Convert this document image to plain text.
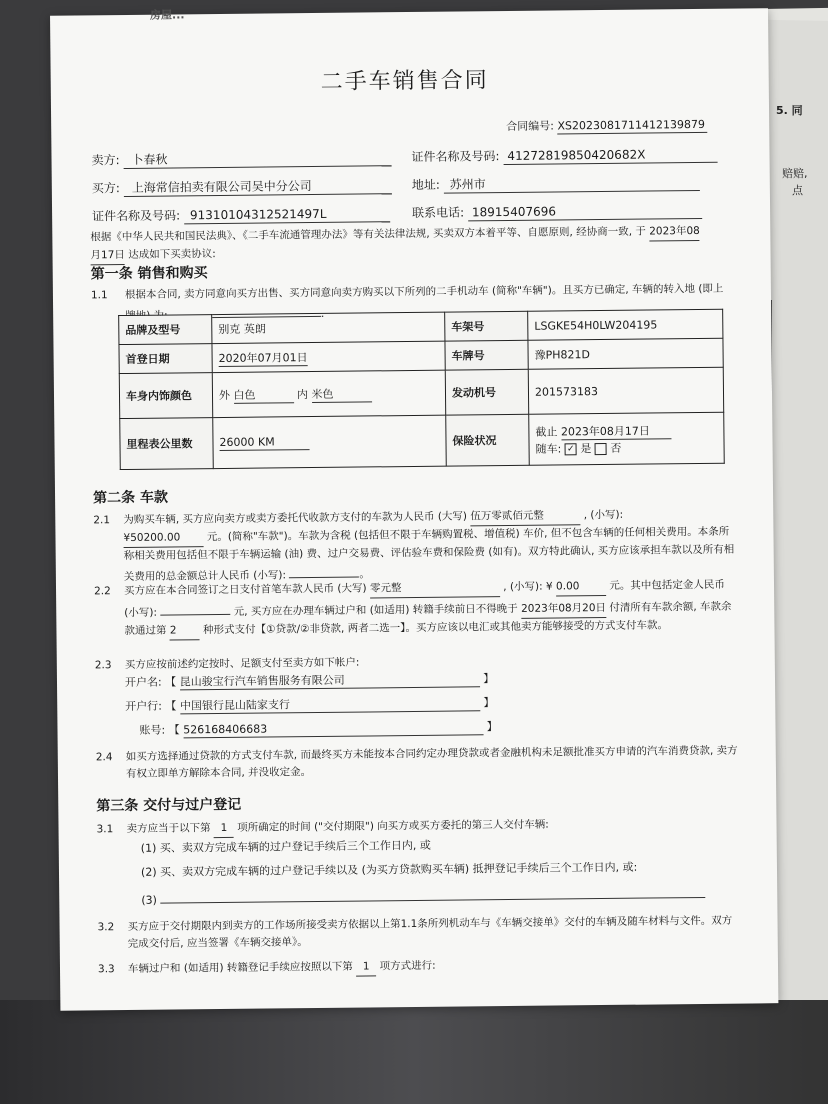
5. 同
赔赔,
点
房屋...
二手车销售合同
合同编号: XS2023081711412139879
卖方: 卜春秋	证件名称及号码: 41272819850420682X
买方: 上海常信拍卖有限公司吴中分公司	地址: 苏州市
证件名称及号码: 91310104312521497L	联系电话: 18915407696
根据《中华人民共和国民法典》、《二手车流通管理办法》等有关法律法规, 买卖双方本着平等、自愿原则, 经协商一致, 于 2023年08
月17日 达成如下买卖协议:
第一条 销售和购买
1.1	根据本合同, 卖方同意向买方出售、买方同意向卖方购买以下所列的二手机动车 (简称"车辆")。且买方已确定, 车辆的转入地 (即上牌地)	.
品牌及型号	别克 英朗	车架号	LSGKE54H0LW204195
首登日期	2020年07月01日	车牌号	豫PH821D
车身内饰颜色	外 白色 内 米色	发动机号	201573183
里程表公里数	26000 KM	保险状况	截止 2023年08月17日
随车: ✓ 是 否
第二条 车款
2.1	为购买车辆, 买方应向卖方或卖方委托代收款方支付的车款为人民币 (大写) 伍万零贰佰元整	, (小写):
¥50200.00	元。(简称"车款")。车款为含税 (包括但不限于车辆购置税、增值税) 车价, 但不包含车辆的任何相关费用。本条所称相关费用包括但不限于车辆运输 (油) 费、过户交易费、评估验车费和保险费 (如有)。双方特此确认, 买方应该承担车款以及所有相关费用的总金额总计人民币 (小写):	。
2.2	买方应在本合同签订之日支付首笔车款人民币 (大写) 零元整	, (小写): ¥ 0.00	元。其中包括定金人民币 (小写):	元, 买方应在办理车辆过户和 (如适用) 转籍手续前日不得晚于 2023年08月20日 付清所有车款余额, 车款余款通过第 2	种形式支付【①贷款/②非贷款, 两者二选一】。买方应该以电汇或其他卖方能够接受的方式支付车款。
2.3	买方应按前述约定按时、足额支付至卖方如下帐户:
开户名: 【 昆山骏宝行汽车销售服务有限公司	】
开户行: 【 中国银行昆山陆家支行	】
账号: 【 526168406683	】
2.4	如买方选择通过贷款的方式支付车款, 而最终买方未能按本合同约定办理贷款或者金融机构未足额批准买方申请的汽车消费贷款, 卖方有权立即单方解除本合同, 并没收定金。
第三条 交付与过户登记
3.1	卖方应当于以下第 1 项所确定的时间 ("交付期限") 向买方或买方委托的第三人交付车辆:
(1) 买、卖双方完成车辆的过户登记手续后三个工作日内, 或
(2) 买、卖双方完成车辆的过户登记手续以及 (为买方贷款购买车辆) 抵押登记手续后三个工作日内, 或:
(3)
3.2	买方应于交付期限内到卖方的工作场所接受卖方依据以上第1.1条所列机动车与《车辆交接单》交付的车辆及随车材料与文件。双方完成交付后, 应当签署《车辆交接单》。
3.3	车辆过户和 (如适用) 转籍登记手续应按照以下第 1 项方式进行:
